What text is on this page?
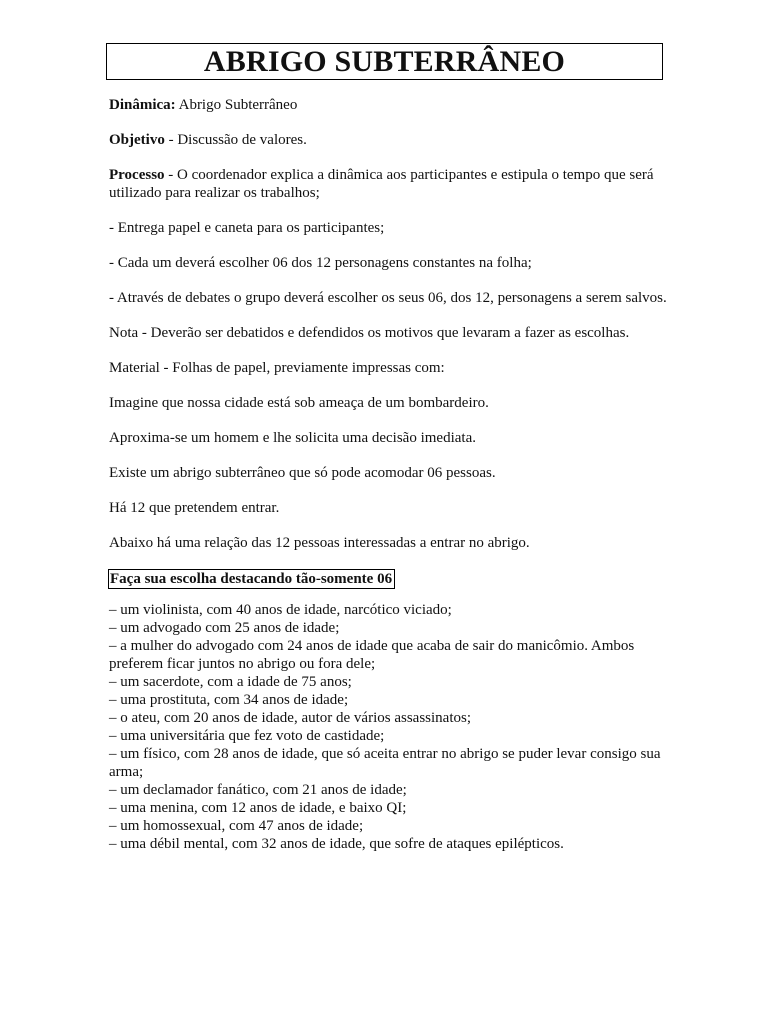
ABRIGO SUBTERRÂNEO

Dinâmica: Abrigo Subterrâneo

Objetivo - Discussão de valores.

Processo - O coordenador explica a dinâmica aos participantes e estipula o tempo que será utilizado para realizar os trabalhos;

- Entrega papel e caneta para os participantes;

- Cada um deverá escolher 06 dos 12 personagens constantes na folha;

- Através de debates o grupo deverá escolher os seus 06, dos 12, personagens a serem salvos.

Nota - Deverão ser debatidos e defendidos os motivos que levaram a fazer as escolhas.

Material - Folhas de papel, previamente impressas com:

Imagine que nossa cidade está sob ameaça de um bombardeiro.

Aproxima-se um homem e lhe solicita uma decisão imediata.

Existe um abrigo subterrâneo que só pode acomodar 06 pessoas.

Há 12 que pretendem entrar.

Abaixo há uma relação das 12 pessoas interessadas a entrar no abrigo.

Faça sua escolha destacando tão-somente 06

– um violinista, com 40 anos de idade, narcótico viciado;
– um advogado com 25 anos de idade;
– a mulher do advogado com 24 anos de idade que acaba de sair do manicômio. Ambos preferem ficar juntos no abrigo ou fora dele;
– um sacerdote, com a idade de 75 anos;
– uma prostituta, com 34 anos de idade;
– o ateu, com 20 anos de idade, autor de vários assassinatos;
– uma universitária que fez voto de castidade;
– um físico, com 28 anos de idade, que só aceita entrar no abrigo se puder levar consigo sua arma;
– um declamador fanático, com 21 anos de idade;
– uma menina, com 12 anos de idade, e baixo QI;
– um homossexual, com 47 anos de idade;
– uma débil mental, com 32 anos de idade, que sofre de ataques epilépticos.
